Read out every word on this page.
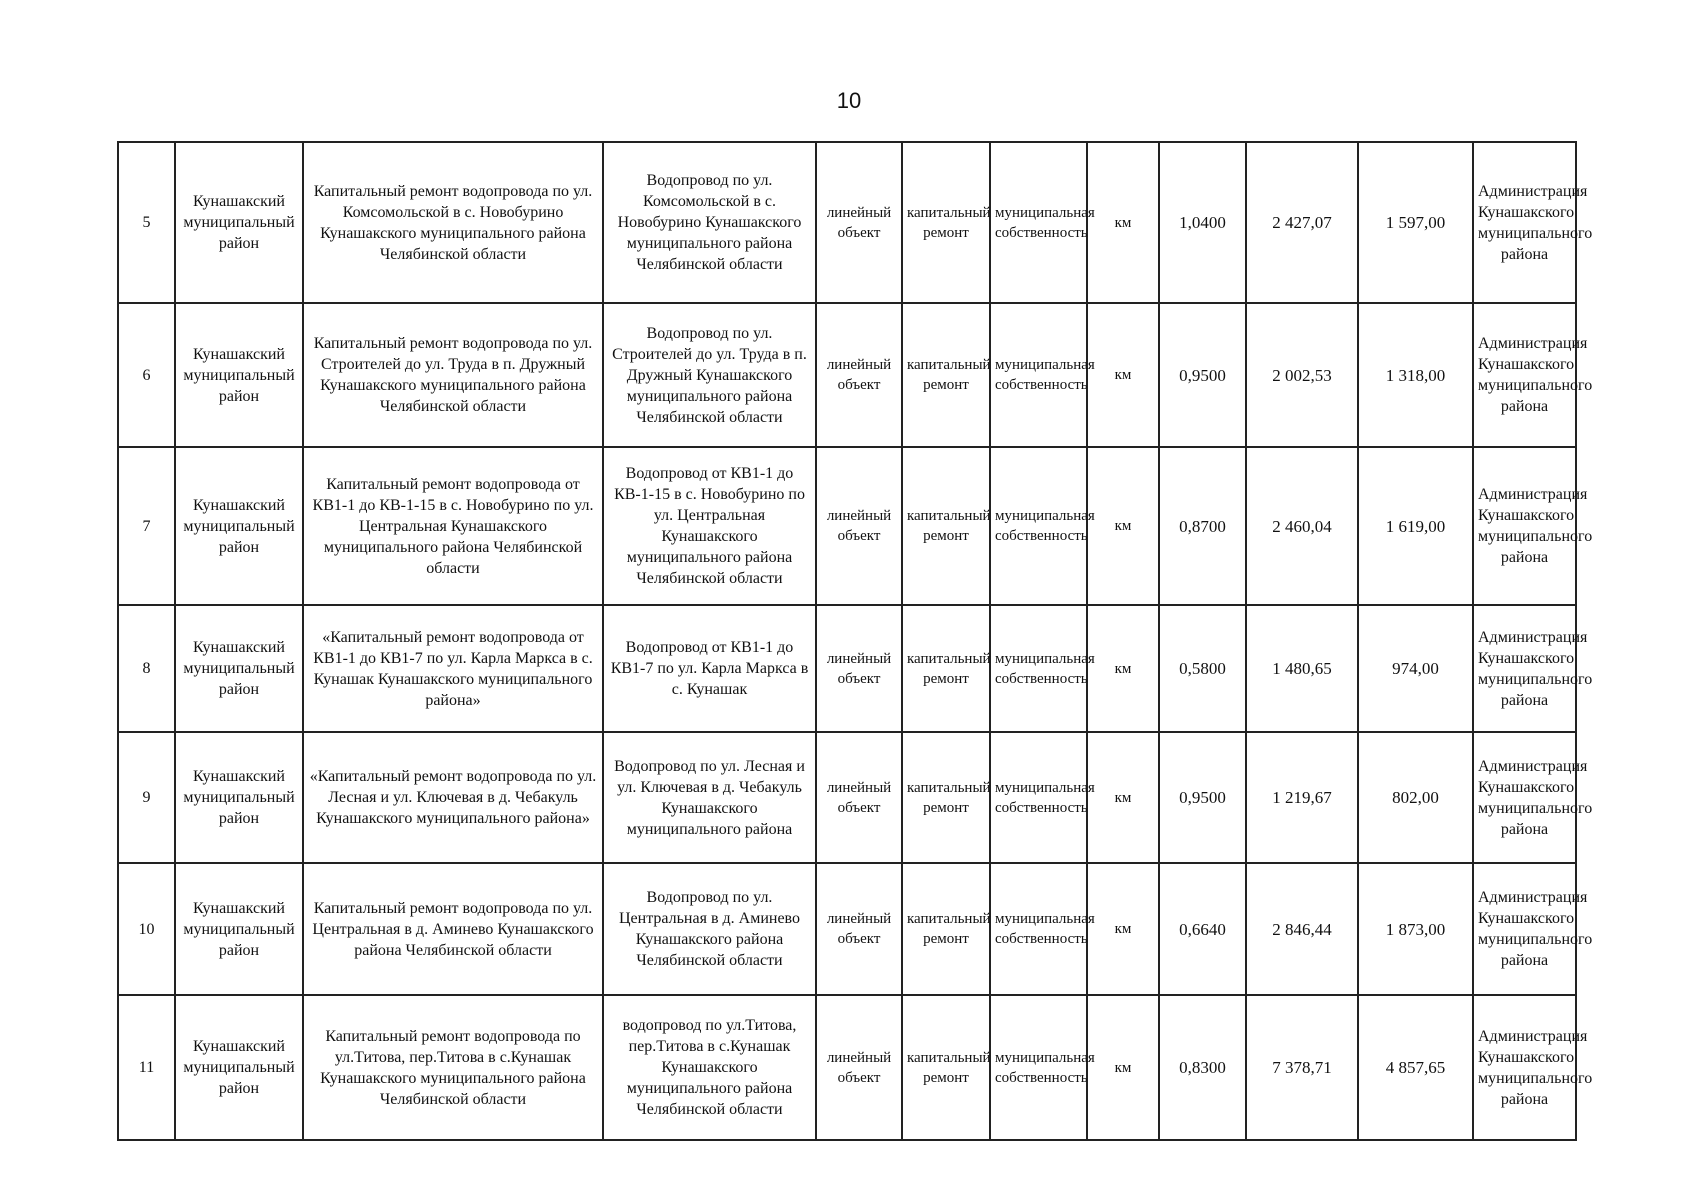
10
5	Кунашакский муниципальный район	Капитальный ремонт водопровода по ул. Комсомольской в с. Новобурино Кунашакского муниципального района Челябинской области	Водопровод по ул. Комсомольской в с. Новобурино Кунашакского муниципального района Челябинской области	линейный объект	капитальный ремонт	муниципальная собственность	км	1,0400	2 427,07	1 597,00	Администрация Кунашакского муниципального района
6	Кунашакский муниципальный район	Капитальный ремонт водопровода по ул. Строителей до ул. Труда в п. Дружный Кунашакского муниципального района Челябинской области	Водопровод по ул. Строителей до ул. Труда в п. Дружный Кунашакского муниципального района Челябинской области	линейный объект	капитальный ремонт	муниципальная собственность	км	0,9500	2 002,53	1 318,00	Администрация Кунашакского муниципального района
7	Кунашакский муниципальный район	Капитальный ремонт водопровода от КВ1-1 до КВ-1-15 в с. Новобурино по ул. Центральная Кунашакского муниципального района Челябинской области	Водопровод от КВ1-1 до КВ-1-15 в с. Новобурино по ул. Центральная Кунашакского муниципального района Челябинской области	линейный объект	капитальный ремонт	муниципальная собственность	км	0,8700	2 460,04	1 619,00	Администрация Кунашакского муниципального района
8	Кунашакский муниципальный район	«Капитальный ремонт водопровода от КВ1-1 до КВ1-7 по ул. Карла Маркса в с. Кунашак Кунашакского муниципального района»	Водопровод от КВ1-1 до КВ1-7 по ул. Карла Маркса в с. Кунашак	линейный объект	капитальный ремонт	муниципальная собственность	км	0,5800	1 480,65	974,00	Администрация Кунашакского муниципального района
9	Кунашакский муниципальный район	«Капитальный ремонт водопровода по ул. Лесная и ул. Ключевая в д. Чебакуль Кунашакского муниципального района»	Водопровод по ул. Лесная и ул. Ключевая в д. Чебакуль Кунашакского муниципального района	линейный объект	капитальный ремонт	муниципальная собственность	км	0,9500	1 219,67	802,00	Администрация Кунашакского муниципального района
10	Кунашакский муниципальный район	Капитальный ремонт водопровода по ул. Центральная в д. Аминево Кунашакского района Челябинской области	Водопровод по ул. Центральная в д. Аминево Кунашакского района Челябинской области	линейный объект	капитальный ремонт	муниципальная собственность	км	0,6640	2 846,44	1 873,00	Администрация Кунашакского муниципального района
11	Кунашакский муниципальный район	Капитальный ремонт водопровода по ул.Титова, пер.Титова в с.Кунашак Кунашакского муниципального района Челябинской области	водопровод по ул.Титова, пер.Титова в с.Кунашак Кунашакского муниципального района Челябинской области	линейный объект	капитальный ремонт	муниципальная собственность	км	0,8300	7 378,71	4 857,65	Администрация Кунашакского муниципального района
